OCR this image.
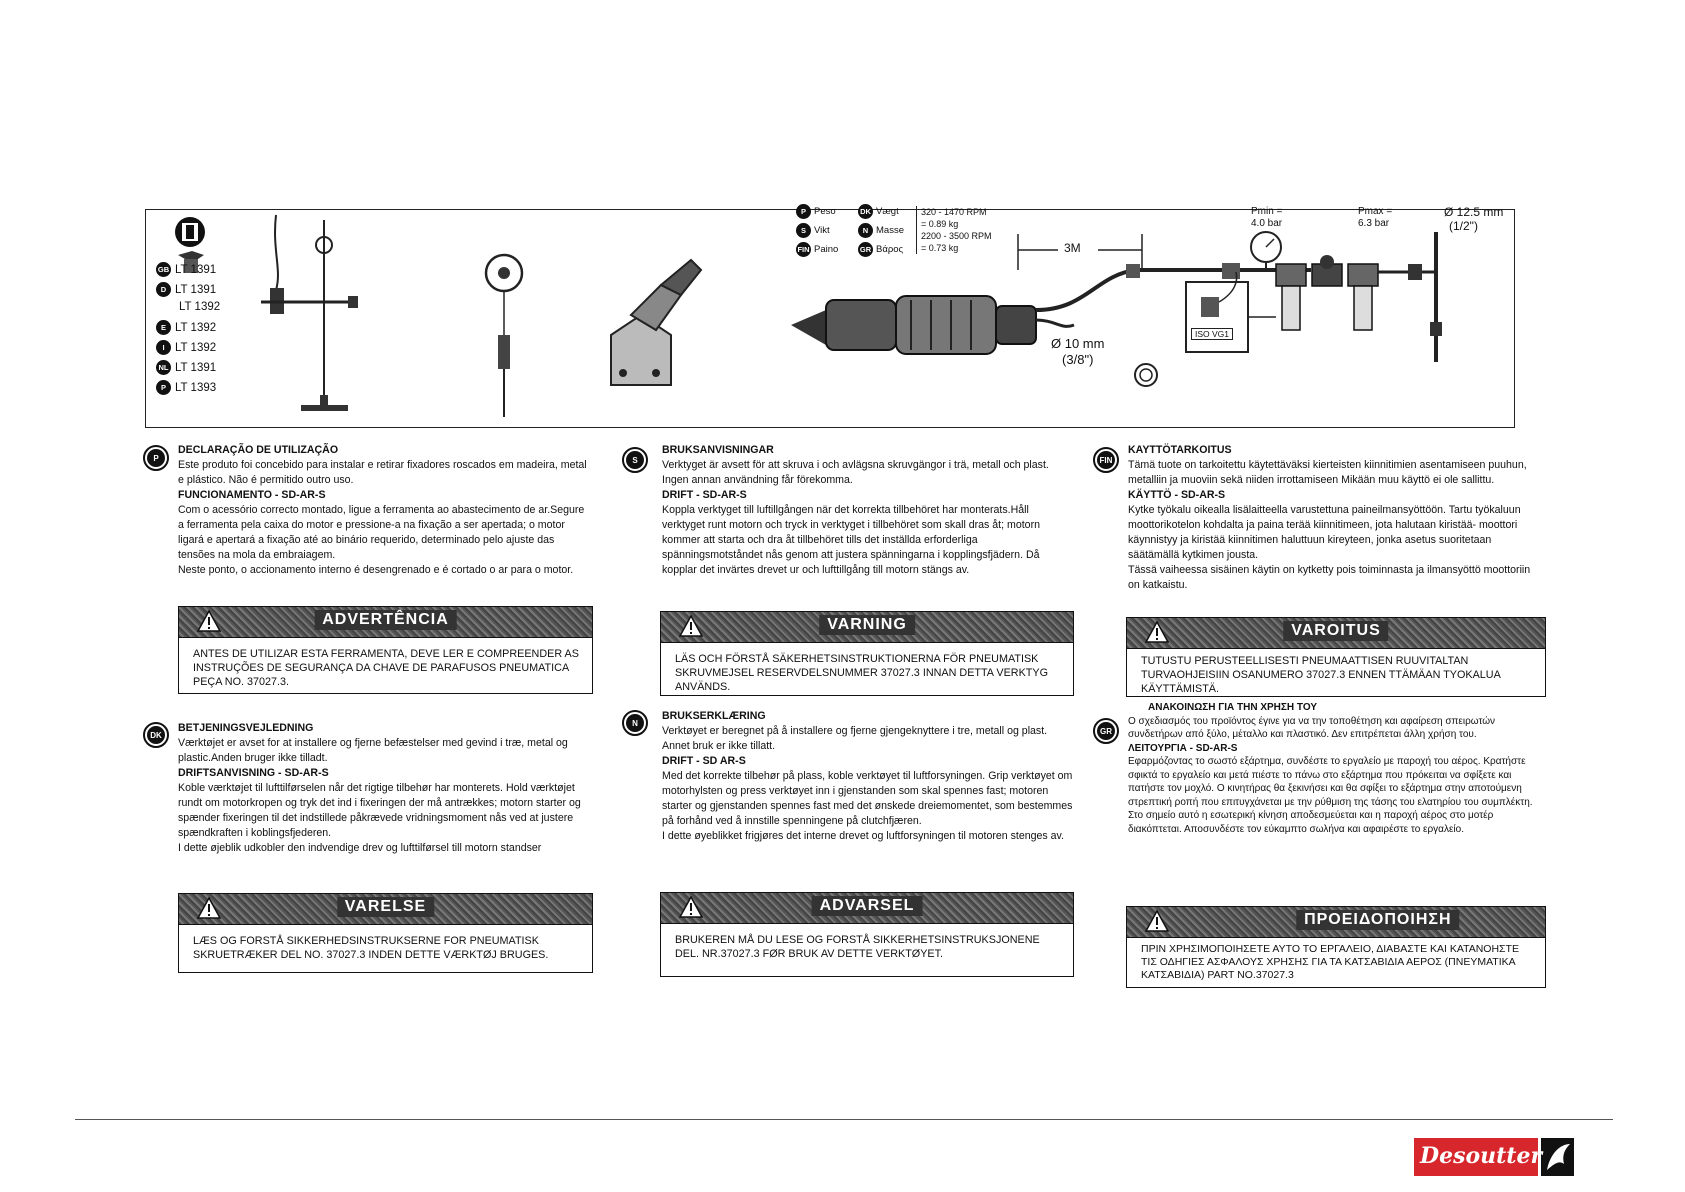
GB LT 1391
D LT 1391
LT 1392
E LT 1392
I LT 1392
NL LT 1391
P LT 1393
P Peso
S Vikt
FIN Paino
DK Vægt
N Masse
GR Βάρος
320 - 1470 RPM
= 0.89 kg
2200 - 3500 RPM
= 0.73 kg	3M
ISO VG1
Pmin =
4.0 bar
Pmax =
6.3 bar
Ø 12.5 mm
(1/2")
Ø 10 mm
(3/8")
P

DECLARAÇÃO DE UTILIZAÇÃO

Este produto foi concebido para instalar e retirar fixadores roscados em madeira, metal e plástico. Não é permitido outro uso.

FUNCIONAMENTO - SD-AR-S

Com o acessório correcto montado, ligue a ferramenta ao abastecimento de ar.Segure a ferramenta pela caixa do motor e pressione-a na fixação a ser apertada; o motor ligará e apertará a fixação até ao binário requerido, determinado pelo ajuste das tensões na mola da embraiagem.

Neste ponto, o accionamento interno é desengrenado e é cortado o ar para o motor.

ADVERTÊNCIA
ANTES DE UTILIZAR ESTA FERRAMENTA, DEVE LER E COMPREENDER AS INSTRUÇÕES DE SEGURANÇA DA CHAVE DE PARAFUSOS PNEUMATICA PEÇA NO. 37027.3.
DK

BETJENINGSVEJLEDNING

Værktøjet er avset for at installere og fjerne befæstelser med gevind i træ, metal og plastic.Anden bruger ikke tilladt.

DRIFTSANVISNING - SD-AR-S

Koble værktøjet til lufttilførselen når det rigtige tilbehør har monterets. Hold værktøjet rundt om motorkropen og tryk det ind i fixeringen der må antrækkes; motorn starter og spænder fixeringen til det indstillede påkrævede vridningsmoment nås ved at justere spændkraften i koblingsfjederen.

I dette øjeblik udkobler den indvendige drev og lufttilførsel till motorn standser

VARELSE
LÆS OG FORSTÅ SIKKERHEDSINSTRUKSERNE FOR PNEUMATISK SKRUETRÆKER DEL NO. 37027.3 INDEN DETTE VÆRKTØJ BRUGES.
S

BRUKSANVISNINGAR

Verktyget är avsett för att skruva i och avlägsna skruvgängor i trä, metall och plast. Ingen annan användning får förekomma.

DRIFT - SD-AR-S

Koppla verktyget till luftillgången när det korrekta tillbehöret har monterats.Håll verktyget runt motorn och tryck in verktyget i tillbehöret som skall dras åt; motorn kommer att starta och dra åt tillbehöret tills det inställda erforderliga spänningsmotståndet nås genom att justera spänningarna i kopplingsfjädern. Då kopplar det invärtes drevet ur och lufttillgång till motorn stängs av.

VARNING
LÄS OCH FÖRSTÅ SÄKERHETSINSTRUKTIONERNA FÖR PNEUMATISK SKRUVMEJSEL RESERVDELSNUMMER 37027.3 INNAN DETTA VERKTYG ANVÄNDS.
N

BRUKSERKLÆRING

Verktøyet er beregnet på å installere og fjerne gjengeknyttere i tre, metall og plast. Annet bruk er ikke tillatt.

DRIFT - SD AR-S

Med det korrekte tilbehør på plass, koble verktøyet til luftforsyningen. Grip verktøyet om motorhylsten og press verktøyet inn i gjenstanden som skal spennes fast; motoren starter og gjenstanden spennes fast med det ønskede dreiemomentet, som bestemmes på forhånd ved å innstille spenningene på clutchfjæren.

I dette øyeblikket frigjøres det interne drevet og luftforsyningen til motoren stenges av.

ADVARSEL
BRUKEREN MÅ DU LESE OG FORSTÅ SIKKERHETSINSTRUKSJONENE DEL. NR.37027.3 FØR BRUK AV DETTE VERKTØYET.
FIN

KAYTTÖTARKOITUS

Tämä tuote on tarkoitettu käytettäväksi kierteisten kiinnitimien asentamiseen puuhun, metalliin ja muoviin sekä niiden irrottamiseen Mikään muu käyttö ei ole sallittu.

KÄYTTÖ - SD-AR-S

Kytke työkalu oikealla lisälaitteella varustettuna paineilmansyöttöön. Tartu työkaluun moottorikotelon kohdalta ja paina terää kiinnitimeen, jota halutaan kiristää- moottori käynnistyy ja kiristää kiinnitimen haluttuun kireyteen, jonka asetus suoritetaan säätämällä kytkimen jousta.

Tässä vaiheessa sisäinen käytin on kytketty pois toiminnasta ja ilmansyöttö moottoriin on katkaistu.

VAROITUS
TUTUSTU PERUSTEELLISESTI PNEUMAATTISEN RUUVITALTAN TURVAOHJEISIIN OSANUMERO 37027.3 ENNEN TTÄMÄAN TYOKALUA KÄYTTÄMISTÄ.
GR

ΑΝΑΚΟΙΝΩΣΗ ΓΙΑ ΤΗΝ ΧΡΗΣΗ ΤΟΥ

Ο σχεδιασμός του προϊόντος έγινε για να την τοποθέτηση και αφαίρεση σπειρωτών συνδετήρων από ξύλο, μέταλλο και πλαστικό. Δεν επιτρέπεται άλλη χρήση του.

ΛΕΙΤΟΥΡΓΙΑ - SD-AR-S

Εφαρμόζοντας το σωστό εξάρτημα, συνδέστε το εργαλείο με παροχή του αέρος. Κρατήστε σφικτά το εργαλείο και μετά πιέστε το πάνω στο εξάρτημα που πρόκειται να σφίξετε και πατήστε τον μοχλό. Ο κινητήρας θα ξεκινήσει και θα σφίξει το εξάρτημα στην αποτούμενη στρεπτική ροπή που επιτυγχάνεται με την ρύθμιση της τάσης του ελατηρίου του συμπλέκτη.

Στο σημείο αυτό η εσωτερική κίνηση αποδεσμεύεται και η παροχή αέρος στο μοτέρ διακόπτεται. Αποσυνδέστε τον εύκαμπτο σωλήνα και αφαιρέστε το εργαλείο.

ΠΡΟΕΙΔΟΠΟΙΗΣΗ
ΠΡΙΝ ΧΡΗΣΙΜΟΠΟΙΗΣΕΤΕ ΑΥΤΟ ΤΟ ΕΡΓΑΛΕΙΟ, ΔΙΑΒΑΣΤΕ ΚΑΙ ΚΑΤΑΝΟΗΣΤΕ ΤΙΣ ΟΔΗΓΙΕΣ ΑΣΦΑΛΟΥΣ ΧΡΗΣΗΣ ΓΙΑ ΤΑ ΚΑΤΣΑΒΙΔΙΑ ΑΕΡΟΣ (ΠΝΕΥΜΑΤΙΚΑ ΚΑΤΣΑΒΙΔΙΑ) PART NO.37027.3
Desoutter
